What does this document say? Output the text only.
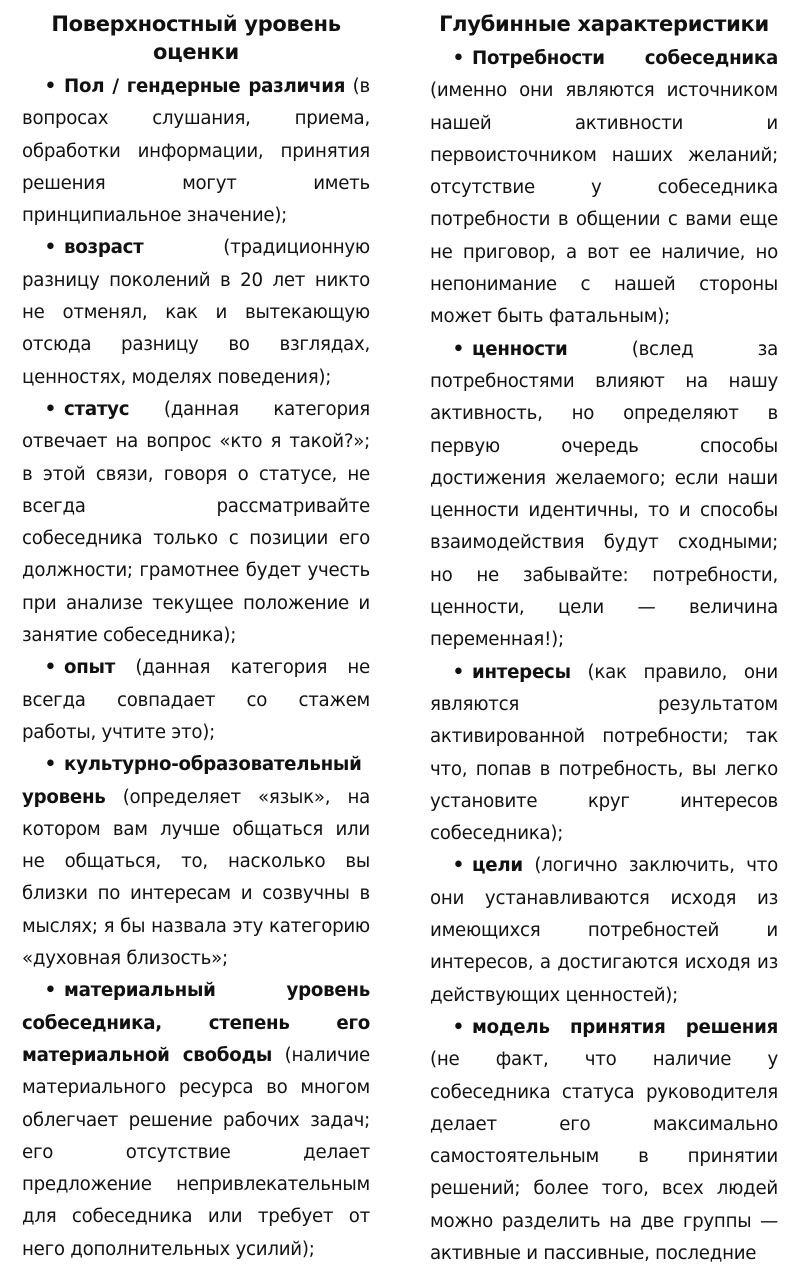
Поверхностный уровень оценки

• Пол / гендерные различия (в вопросах слушания, приема, обработки информации, принятия решения могут иметь принципиальное значение);

• возраст (традиционную разницу поколений в 20 лет никто не отменял, как и вытекающую отсюда разницу во взглядах, ценностях, моделях поведения);

• статус (данная категория отвечает на вопрос «кто я такой?»; в этой связи, говоря о статусе, не всегда рассматривайте собеседника только с позиции его должности; грамотнее будет учесть при анализе текущее положение и занятие собеседника);

• опыт (данная категория не всегда совпадает со стажем работы, учтите это);

• культурно-образовательный уровень (определяет «язык», на котором вам лучше общаться или не общаться, то, насколько вы близки по интересам и созвучны в мыслях; я бы назвала эту категорию «духовная близость»;

• материальный уровень собеседника, степень его материальной свободы (наличие материального ресурса во многом облегчает решение рабочих задач; его отсутствие делает предложение непривлекательным для собеседника или требует от него дополнительных усилий);

Глубинные характеристики

• Потребности собеседника (именно они являются источником нашей активности и первоисточником наших желаний; отсутствие у собеседника потребности в общении с вами еще не приговор, а вот ее наличие, но непонимание с нашей стороны может быть фатальным);

• ценности (вслед за потребностями влияют на нашу активность, но определяют в первую очередь способы достижения желаемого; если наши ценности идентичны, то и способы взаимодействия будут сходными; но не забывайте: потребности, ценности, цели — величина переменная!);

• интересы (как правило, они являются результатом активированной потребности; так что, попав в потребность, вы легко установите круг интересов собеседника);

• цели (логично заключить, что они устанавливаются исходя из имеющихся потребностей и интересов, а достигаются исходя из действующих ценностей);

• модель принятия решения (не факт, что наличие у собеседника статуса руководителя делает его максимально самостоятельным в принятии решений; более того, всех людей можно разделить на две группы — активные и пассивные, последние
